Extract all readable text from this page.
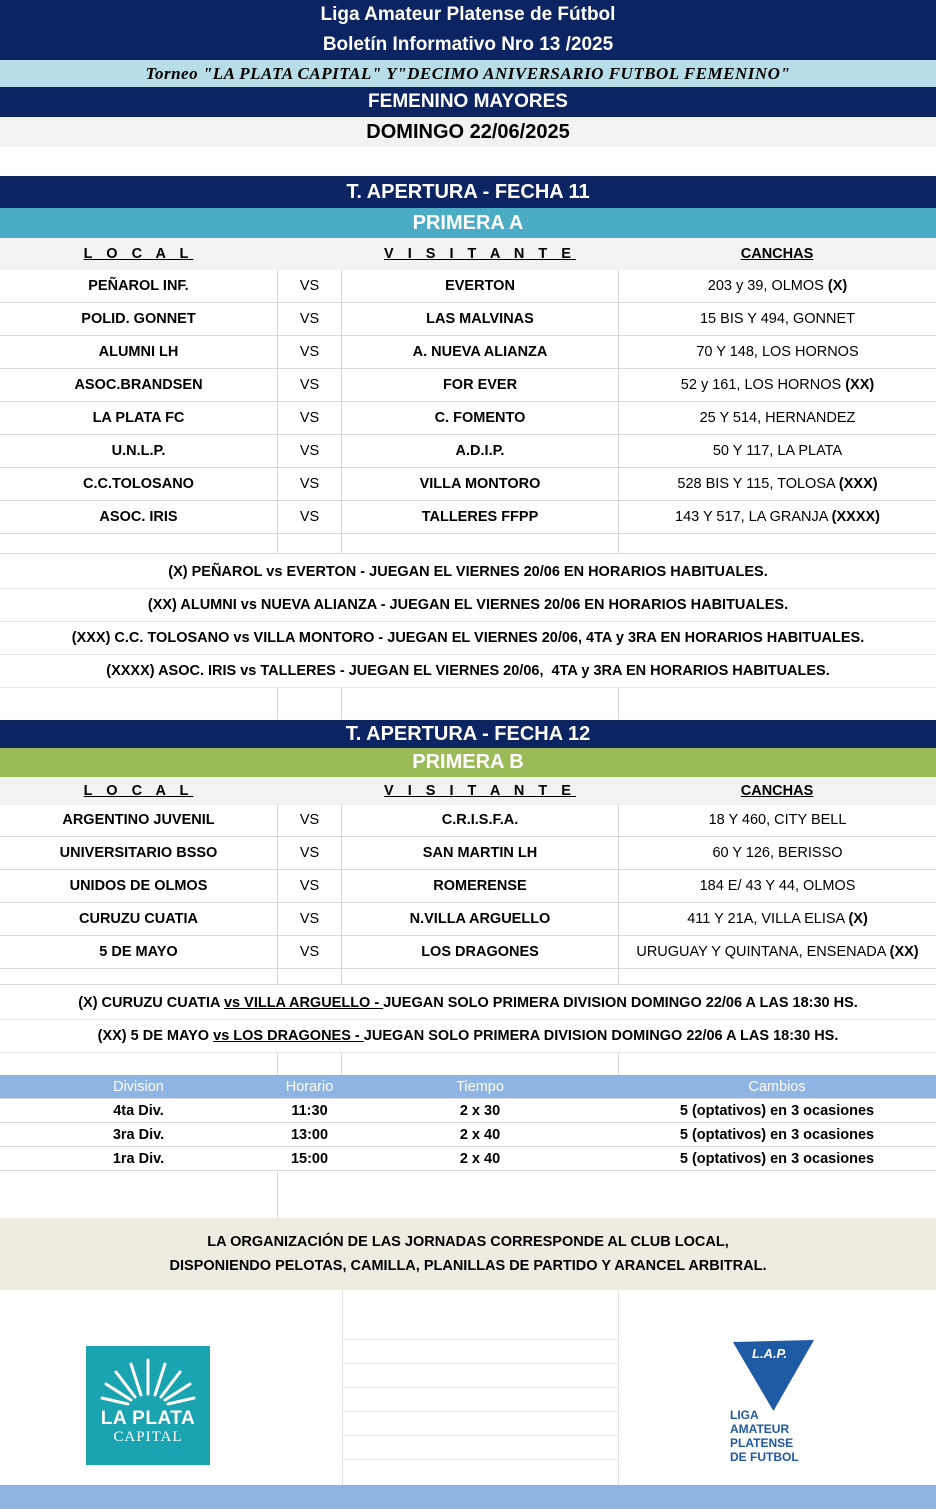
Liga Amateur Platense de Fútbol
Boletín Informativo Nro 13 /2025
Torneo "LA PLATA CAPITAL" Y"DECIMO ANIVERSARIO FUTBOL FEMENINO"
FEMENINO MAYORES
DOMINGO 22/06/2025
T. APERTURA - FECHA 11
PRIMERA A
L O C A L	V I S I T A N T E	CANCHAS
PEÑAROL INF.	VS	EVERTON	203 y 39, OLMOS (X)
POLID. GONNET	VS	LAS MALVINAS	15 BIS Y 494, GONNET
ALUMNI LH	VS	A. NUEVA ALIANZA	70 Y 148, LOS HORNOS
ASOC.BRANDSEN	VS	FOR EVER	52 y 161, LOS HORNOS (XX)
LA PLATA FC	VS	C. FOMENTO	25 Y 514, HERNANDEZ
U.N.L.P.	VS	A.D.I.P.	50 Y 117, LA PLATA
C.C.TOLOSANO	VS	VILLA MONTORO	528 BIS Y 115, TOLOSA (XXX)
ASOC. IRIS	VS	TALLERES FFPP	143 Y 517, LA GRANJA (XXXX)
(X) PEÑAROL vs EVERTON - JUEGAN EL VIERNES 20/06 EN HORARIOS HABITUALES.
(XX) ALUMNI vs NUEVA ALIANZA - JUEGAN EL VIERNES 20/06 EN HORARIOS HABITUALES.
(XXX) C.C. TOLOSANO vs VILLA MONTORO - JUEGAN EL VIERNES 20/06, 4TA y 3RA EN HORARIOS HABITUALES.
(XXXX) ASOC. IRIS vs TALLERES - JUEGAN EL VIERNES 20/06,  4TA y 3RA EN HORARIOS HABITUALES.
T. APERTURA - FECHA 12
PRIMERA B
L O C A L	V I S I T A N T E	CANCHAS
ARGENTINO JUVENIL	VS	C.R.I.S.F.A.	18 Y 460, CITY BELL
UNIVERSITARIO BSSO	VS	SAN MARTIN LH	60 Y 126, BERISSO
UNIDOS DE OLMOS	VS	ROMERENSE	184 E/ 43 Y 44, OLMOS
CURUZU CUATIA	VS	N.VILLA ARGUELLO	411 Y 21A, VILLA ELISA (X)
5 DE MAYO	VS	LOS DRAGONES	URUGUAY Y QUINTANA, ENSENADA (XX)
(X) CURUZU CUATIA vs VILLA ARGUELLO - JUEGAN SOLO PRIMERA DIVISION DOMINGO 22/06 A LAS 18:30 HS.
(XX) 5 DE MAYO vs LOS DRAGONES - JUEGAN SOLO PRIMERA DIVISION DOMINGO 22/06 A LAS 18:30 HS.
Division	Horario	Tiempo	Cambios
4ta Div.	11:30	2 x 30	5 (optativos) en 3 ocasiones
3ra Div.	13:00	2 x 40	5 (optativos) en 3 ocasiones
1ra Div.	15:00	2 x 40	5 (optativos) en 3 ocasiones
LA ORGANIZACIÓN DE LAS JORNADAS CORRESPONDE AL CLUB LOCAL,
DISPONIENDO PELOTAS, CAMILLA, PLANILLAS DE PARTIDO Y ARANCEL ARBITRAL.
LA PLATA
CAPITAL
L.A.P.
LIGA
AMATEUR
PLATENSE
DE FUTBOL
